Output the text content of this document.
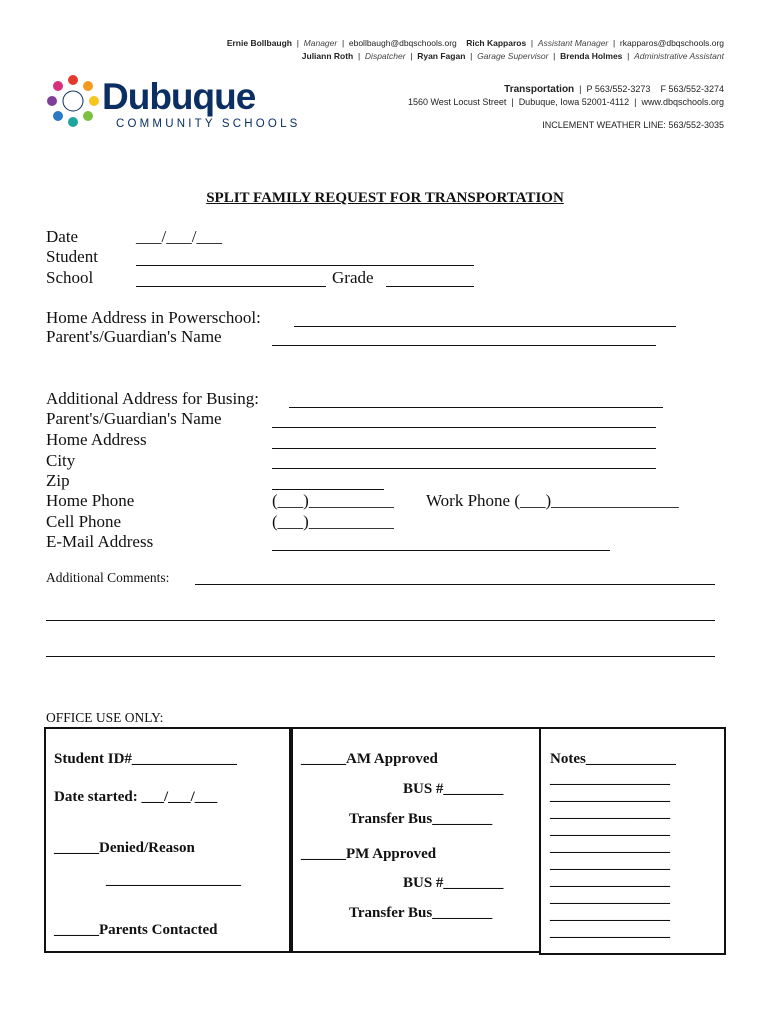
Ernie Bollbaugh  |  Manager  |  ebollbaugh@dbqschools.org Rich Kapparos  |  Assistant Manager  |  rkapparos@dbqschools.org
Juliann Roth  |  Dispatcher  |  Ryan Fagan  |  Garage Supervisor  |  Brenda Holmes  |  Administrative Assistant
Dubuque
COMMUNITY SCHOOLS
Transportation  |  P 563/552-3273 F 563/552-3274
1560 West Locust Street  |  Dubuque, Iowa 52001-4112  |  www.dbqschools.org
INCLEMENT WEATHER LINE: 563/552-3035
SPLIT FAMILY REQUEST FOR TRANSPORTATION
Date	___/___/___
Student
School	Grade
Home Address in Powerschool:
Parent's/Guardian's Name
Additional Address for Busing:
Parent's/Guardian's Name
Home Address
City
Zip
Home Phone	(___)__________ Work Phone (___)_______________
Cell Phone	(___)__________
E-Mail Address
Additional Comments:
OFFICE USE ONLY:
Student ID#______________
Date started: ___/___/___
______Denied/Reason
__________________
______Parents Contacted
______AM Approved
BUS #________
Transfer Bus________
______PM Approved
BUS #________
Transfer Bus________
Notes____________
________________
________________
________________
________________
________________
________________
________________
________________
________________
________________
